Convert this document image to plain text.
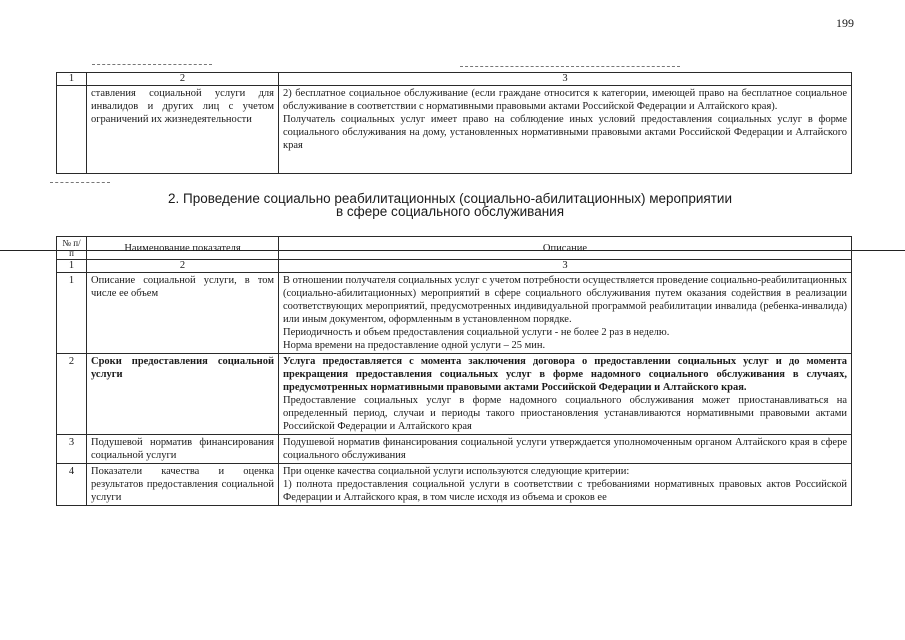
199
1	2	3
	ставления социальной услуги для инвалидов и других лиц с учетом ограничений их жизнедеятельности	2) бесплатное социальное обслуживание (если граждане относится к категории, имеющей право на бесплатное социальное обслуживание в соответствии с нормативными правовыми актами Российской Федерации и Алтайского края).
Получатель социальных услуг имеет право на соблюдение иных условий предоставления социальных услуг в форме социального обслуживания на дому, установленных нормативными правовыми актами Российской Федерации и Алтайского края
2. Проведение социально реабилитационных (социально-абилитационных) мероприятии
в сфере социального обслуживания
№ п/п	Наименование показателя	Описание
1	2	3
1	Описание социальной услуги, в том числе ее объем	В отношении получателя социальных услуг с учетом потребности осуществляется проведение социально-реабилитационных (социально-абилитационных) мероприятий в сфере социального обслуживания путем оказания содействия в реализации соответствующих мероприятий, предусмотренных индивидуальной программой реабилитации инвалида (ребенка-инвалида) или иным документом, оформленным в установленном порядке.
Периодичность и объем предоставления социальной услуги - не более 2 раз в неделю.
Норма времени на предоставление одной услуги – 25 мин.

2	Сроки предоставления социальной услуги	Услуга предоставляется с момента заключения договора о предоставлении социальных услуг и до момента прекращения предоставления социальных услуг в форме надомного социального обслуживания в случаях, предусмотренных нормативными правовыми актами Российской Федерации и Алтайского края.
Предоставление социальных услуг в форме надомного социального обслуживания может приостанавливаться на определенный период, случаи и периоды такого приостановления устанавливаются нормативными правовыми актами Российской Федерации и Алтайского края

3	Подушевой норматив финансирования социальной услуги	Подушевой норматив финансирования социальной услуги утверждается уполномоченным органом Алтайского края в сфере социального обслуживания

4	Показатели качества и оценка результатов предоставления социальной услуги	При оценке качества социальной услуги используются следующие критерии:
1) полнота предоставления социальной услуги в соответствии с требованиями нормативных правовых актов Российской Федерации и Алтайского края, в том числе исходя из объема и сроков ее
